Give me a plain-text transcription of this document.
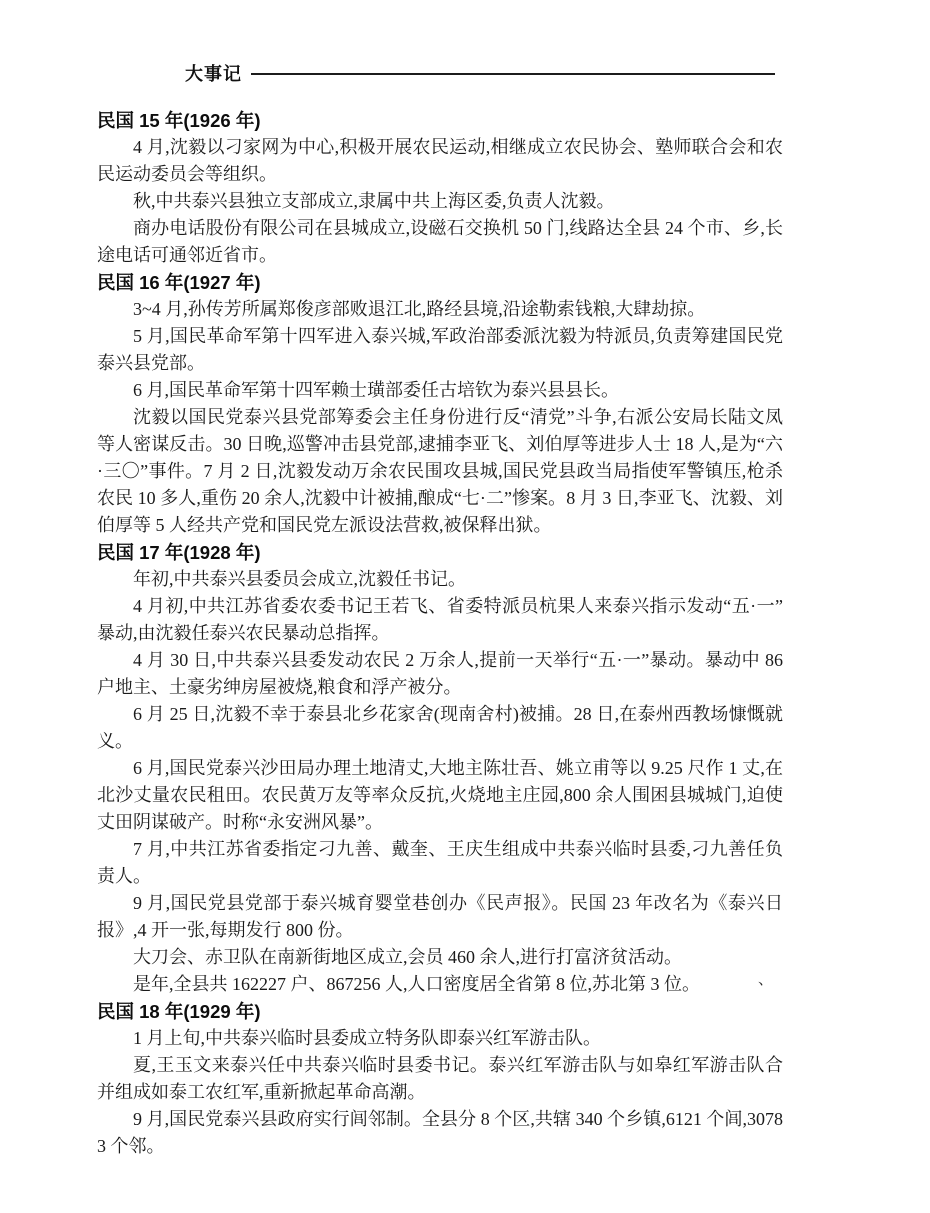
大事记
民国 15 年(1926 年)

4 月,沈毅以刁家网为中心,积极开展农民运动,相继成立农民协会、塾师联合会和农民运动委员会等组织。

秋,中共泰兴县独立支部成立,隶属中共上海区委,负责人沈毅。

商办电话股份有限公司在县城成立,设磁石交换机 50 门,线路达全县 24 个市、乡,长途电话可通邻近省市。

民国 16 年(1927 年)

3~4 月,孙传芳所属郑俊彦部败退江北,路经县境,沿途勒索钱粮,大肆劫掠。

5 月,国民革命军第十四军进入泰兴城,军政治部委派沈毅为特派员,负责筹建国民党泰兴县党部。

6 月,国民革命军第十四军赖士璜部委任古培钦为泰兴县县长。

沈毅以国民党泰兴县党部筹委会主任身份进行反“清党”斗争,右派公安局长陆文凤等人密谋反击。30 日晚,巡警冲击县党部,逮捕李亚飞、刘伯厚等进步人士 18 人,是为“六·三〇”事件。7 月 2 日,沈毅发动万余农民围攻县城,国民党县政当局指使军警镇压,枪杀农民 10 多人,重伤 20 余人,沈毅中计被捕,酿成“七·二”惨案。8 月 3 日,李亚飞、沈毅、刘伯厚等 5 人经共产党和国民党左派设法营救,被保释出狱。

民国 17 年(1928 年)

年初,中共泰兴县委员会成立,沈毅任书记。

4 月初,中共江苏省委农委书记王若飞、省委特派员杭果人来泰兴指示发动“五·一”暴动,由沈毅任泰兴农民暴动总指挥。

4 月 30 日,中共泰兴县委发动农民 2 万余人,提前一天举行“五·一”暴动。暴动中 86 户地主、土豪劣绅房屋被烧,粮食和浮产被分。

6 月 25 日,沈毅不幸于泰县北乡花家舍(现南舍村)被捕。28 日,在泰州西教场慷慨就义。

6 月,国民党泰兴沙田局办理土地清丈,大地主陈壮吾、姚立甫等以 9.25 尺作 1 丈,在北沙丈量农民租田。农民黄万友等率众反抗,火烧地主庄园,800 余人围困县城城门,迫使丈田阴谋破产。时称“永安洲风暴”。

7 月,中共江苏省委指定刁九善、戴奎、王庆生组成中共泰兴临时县委,刁九善任负责人。

9 月,国民党县党部于泰兴城育婴堂巷创办《民声报》。民国 23 年改名为《泰兴日报》,4 开一张,每期发行 800 份。

大刀会、赤卫队在南新街地区成立,会员 460 余人,进行打富济贫活动。

是年,全县共 162227 户、867256 人,人口密度居全省第 8 位,苏北第 3 位。

民国 18 年(1929 年)

1 月上旬,中共泰兴临时县委成立特务队即泰兴红军游击队。

夏,王玉文来泰兴任中共泰兴临时县委书记。泰兴红军游击队与如皋红军游击队合并组成如泰工农红军,重新掀起革命高潮。

9 月,国民党泰兴县政府实行闾邻制。全县分 8 个区,共辖 340 个乡镇,6121 个闾,30783 个邻。

、
